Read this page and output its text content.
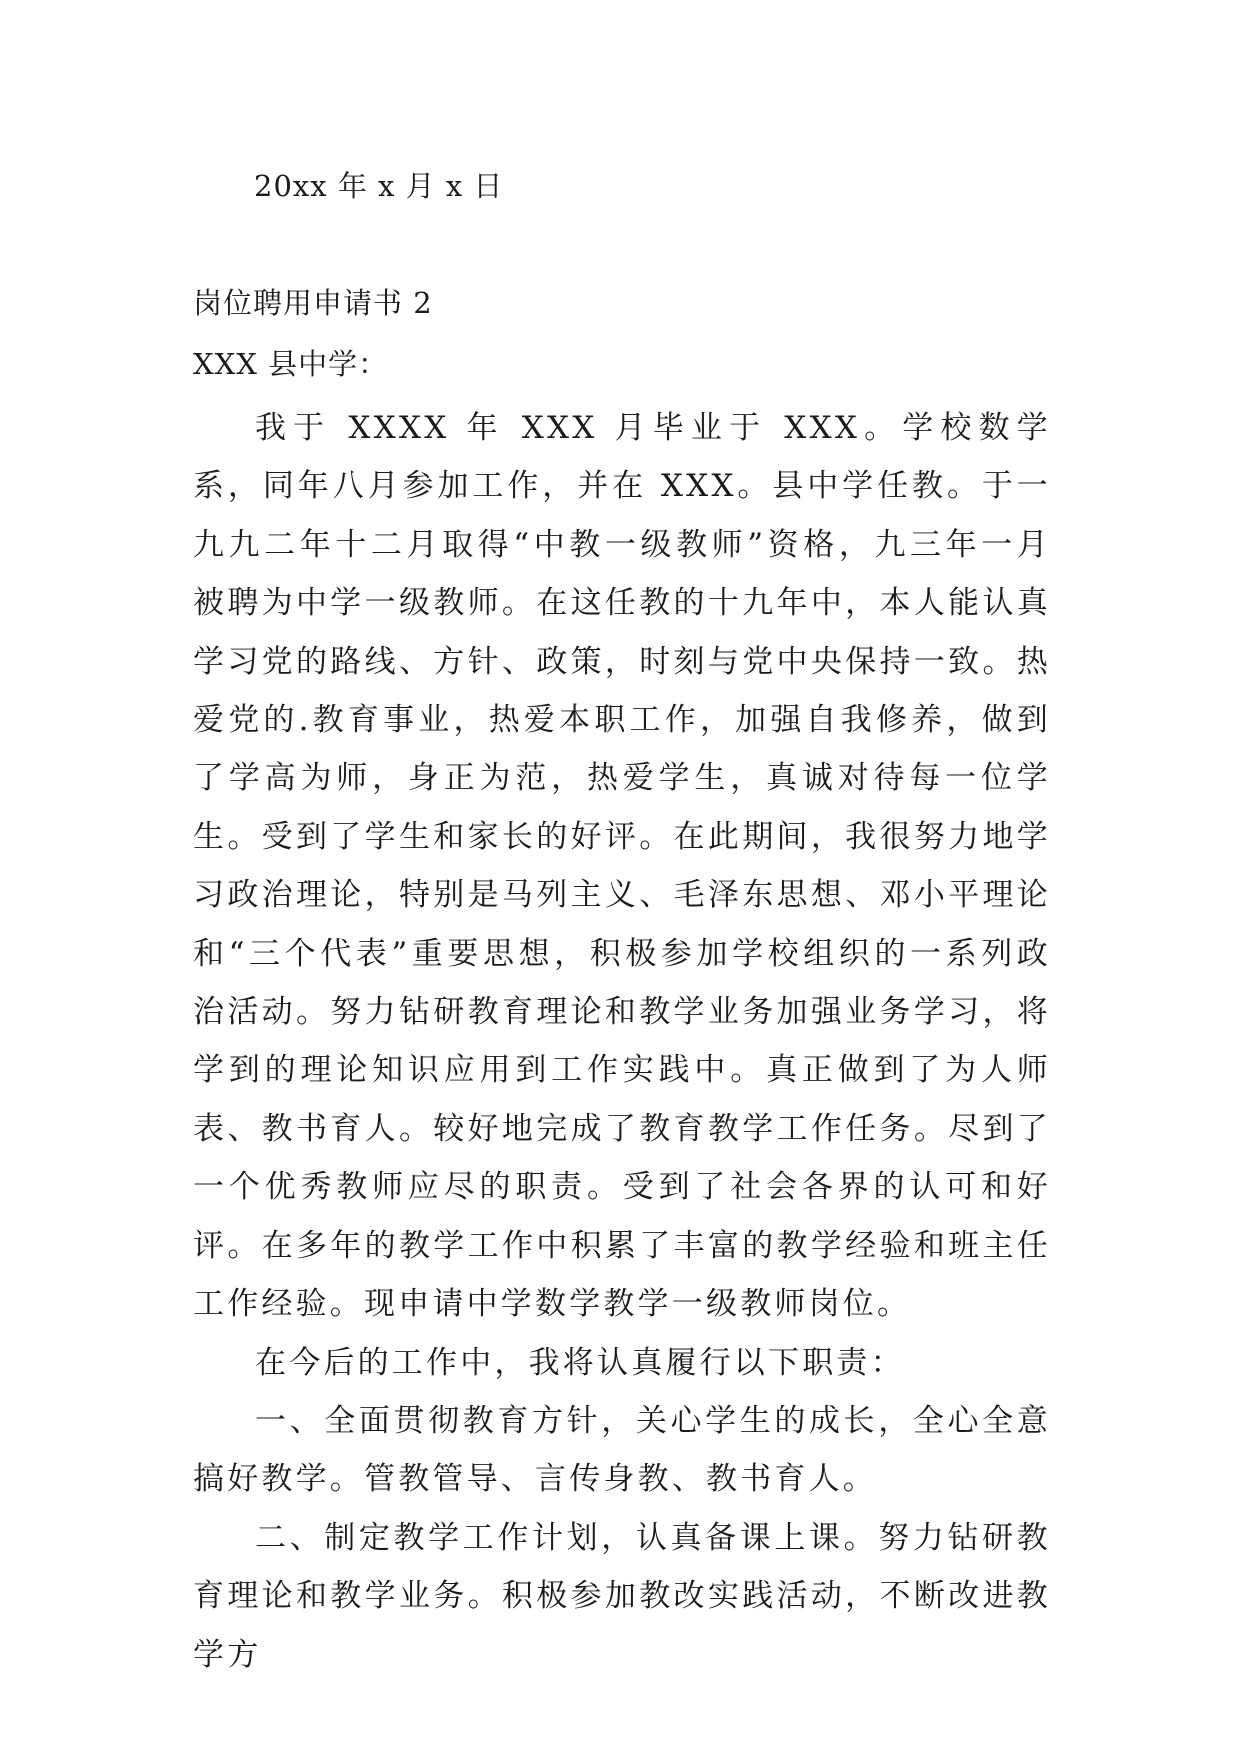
20xx 年 x 月 x 日
岗位聘用申请书 2
XXX 县中学：

我于 XXXX 年 XXX 月毕业于 XXX。学校数学系，同年八月参加工作，并在 XXX。县中学任教。于一九九二年十二月取得“中教一级教师”资格，九三年一月被聘为中学一级教师。在这任教的十九年中，本人能认真学习党的路线、方针、政策，时刻与党中央保持一致。热爱党的.教育事业，热爱本职工作，加强自我修养，做到了学高为师，身正为范，热爱学生，真诚对待每一位学生。受到了学生和家长的好评。在此期间，我很努力地学习政治理论，特别是马列主义、毛泽东思想、邓小平理论和“三个代表”重要思想，积极参加学校组织的一系列政治活动。努力钻研教育理论和教学业务加强业务学习，将学到的理论知识应用到工作实践中。真正做到了为人师表、教书育人。较好地完成了教育教学工作任务。尽到了一个优秀教师应尽的职责。受到了社会各界的认可和好评。在多年的教学工作中积累了丰富的教学经验和班主任工作经验。现申请中学数学教学一级教师岗位。

在今后的工作中，我将认真履行以下职责：

一、全面贯彻教育方针，关心学生的成长，全心全意搞好教学。管教管导、言传身教、教书育人。

二、制定教学工作计划，认真备课上课。努力钻研教育理论和教学业务。积极参加教改实践活动，不断改进教学方
